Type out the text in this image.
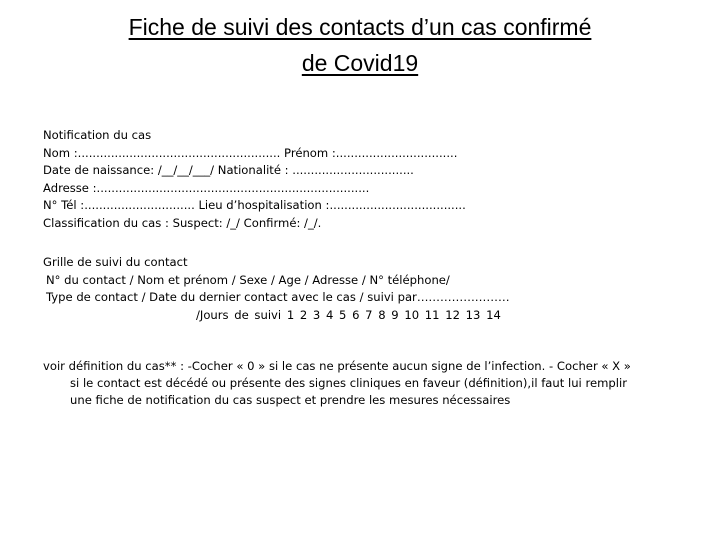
Fiche de suivi des contacts d’un cas confirmé
de Covid19
Notification du cas
Nom :....................................................... Prénom :.................................
Date de naissance: /__/__/___/ Nationalité : .................................
Adresse :..........................................................................
N° Tél :.............................. Lieu d’hospitalisation :.....................................
Classification du cas : Suspect: /_/ Confirmé: /_/.
Grille de suivi du contact
N° du contact / Nom et prénom / Sexe / Age / Adresse / N° téléphone/
Type de contact / Date du dernier contact avec le cas / suivi par……………………
/Jours de suivi 1 2 3 4 5 6 7 8 9 10 11 12 13 14
voir définition du cas** : -Cocher « 0 » si le cas ne présente aucun signe de l’infection. - Cocher « X »
si le contact est décédé ou présente des signes cliniques en faveur (définition),il faut lui remplir
une fiche de notification du cas suspect et prendre les mesures nécessaires
